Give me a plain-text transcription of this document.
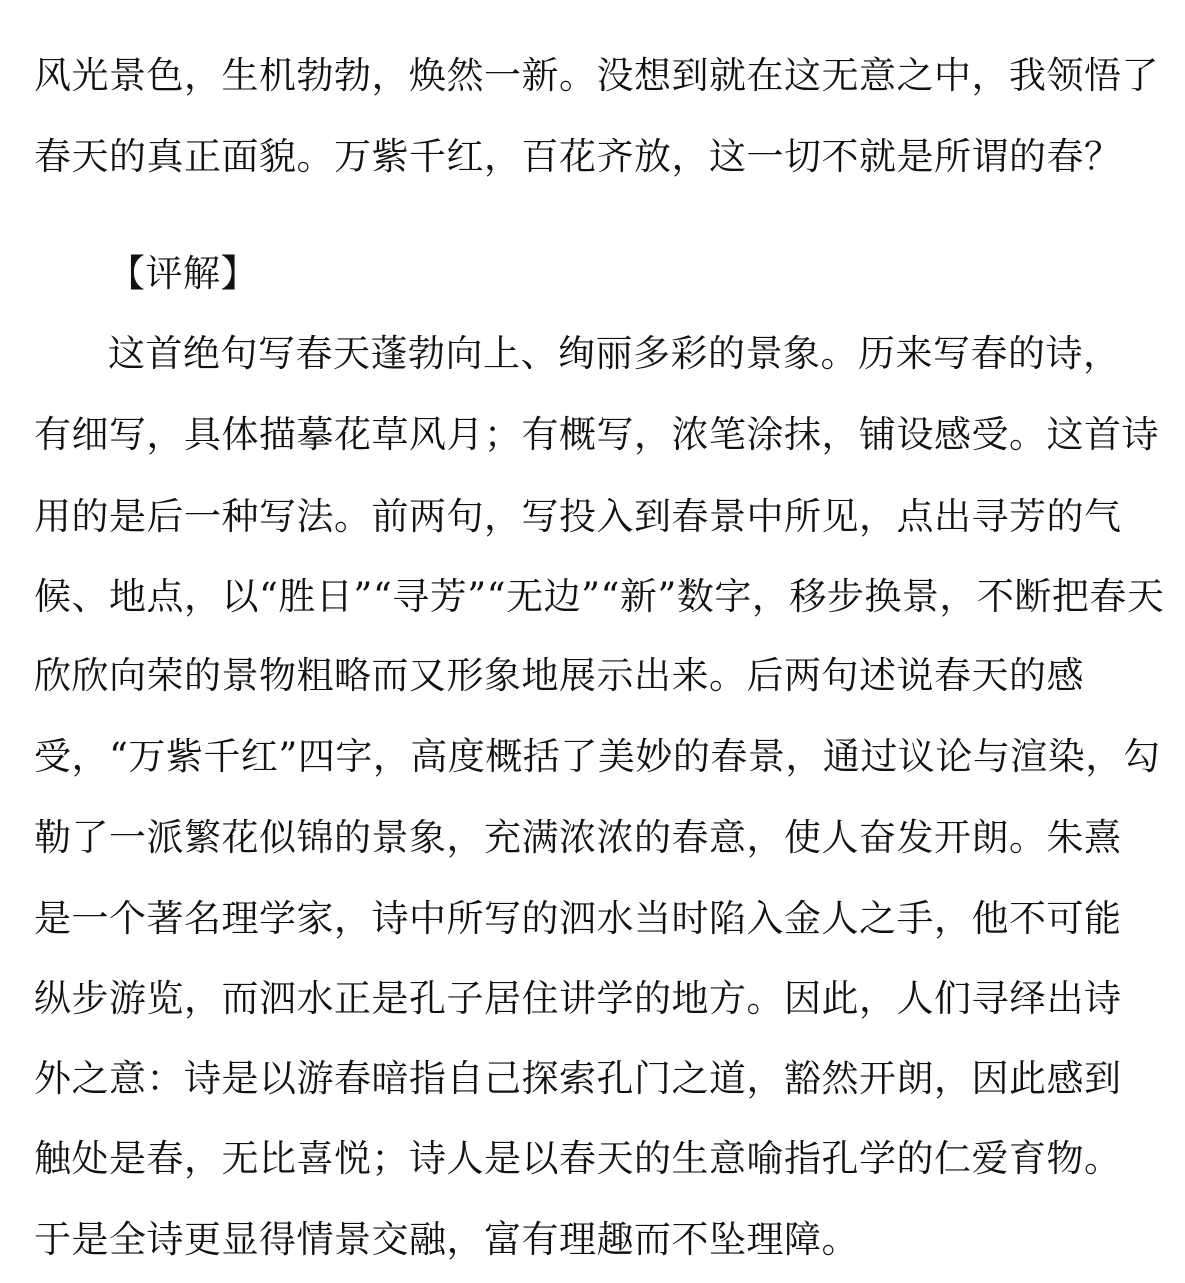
风光景色，生机勃勃，焕然一新。没想到就在这无意之中，我领悟了
春天的真正面貌。万紫千红，百花齐放，这一切不就是所谓的春？
【评解】
这首绝句写春天蓬勃向上、绚丽多彩的景象。历来写春的诗，
有细写，具体描摹花草风月；有概写，浓笔涂抹，铺设感受。这首诗
用的是后一种写法。前两句，写投入到春景中所见，点出寻芳的气
候、地点，以“胜日”“寻芳”“无边”“新”数字，移步换景，不断把春天
欣欣向荣的景物粗略而又形象地展示出来。后两句述说春天的感
受，“万紫千红”四字，高度概括了美妙的春景，通过议论与渲染，勾
勒了一派繁花似锦的景象，充满浓浓的春意，使人奋发开朗。朱熹
是一个著名理学家，诗中所写的泗水当时陷入金人之手，他不可能
纵步游览，而泗水正是孔子居住讲学的地方。因此，人们寻绎出诗
外之意：诗是以游春暗指自己探索孔门之道，豁然开朗，因此感到
触处是春，无比喜悦；诗人是以春天的生意喻指孔学的仁爱育物。
于是全诗更显得情景交融，富有理趣而不坠理障。
